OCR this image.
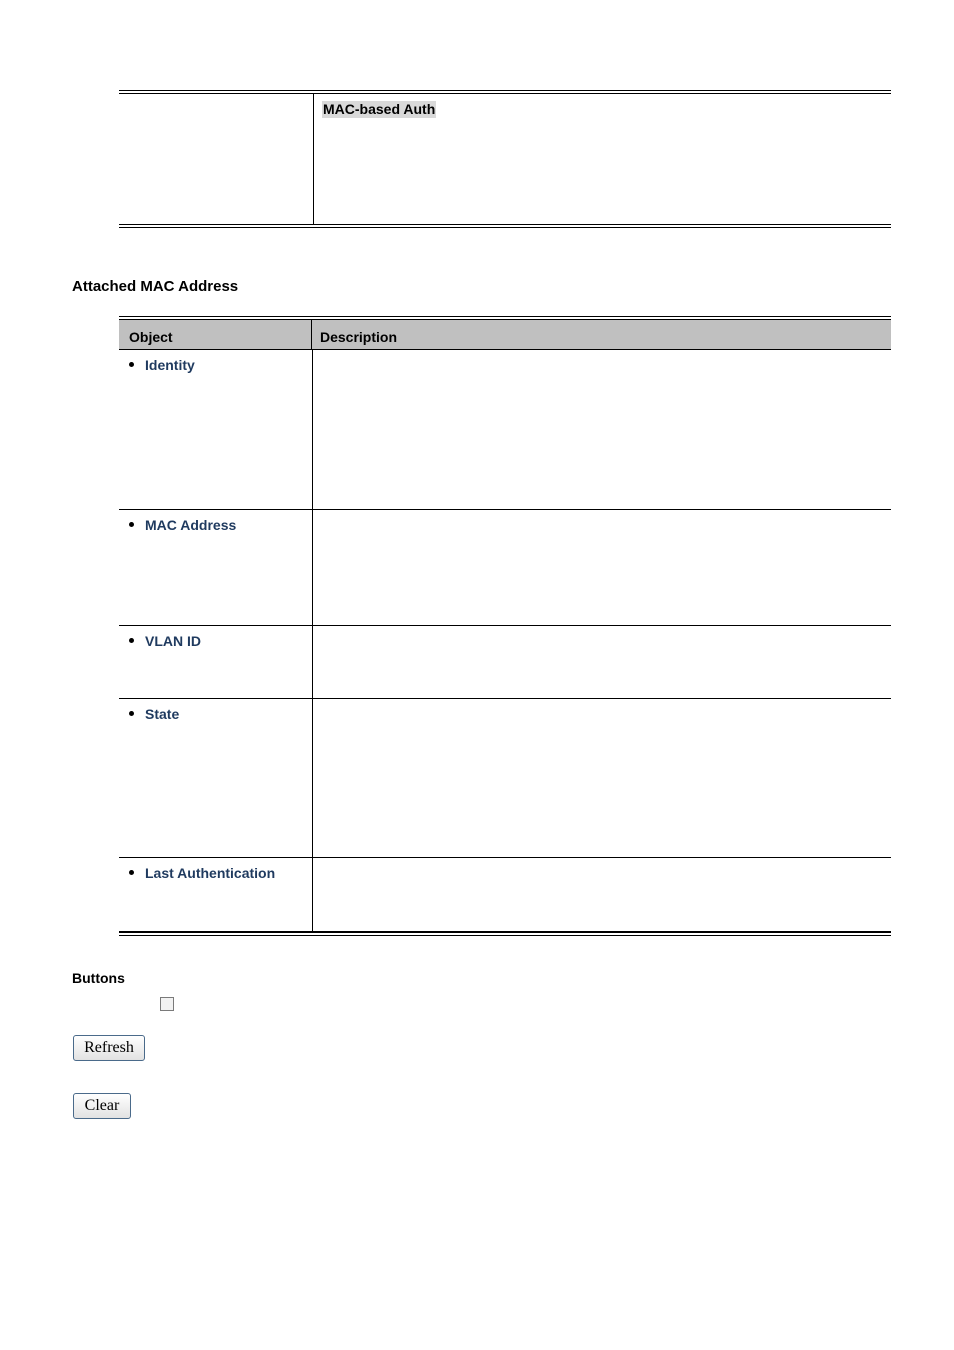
MAC-based Auth
Attached MAC Address
Object	Description
Identity
MAC Address
VLAN ID
State
Last Authentication
Buttons
Refresh
Clear
